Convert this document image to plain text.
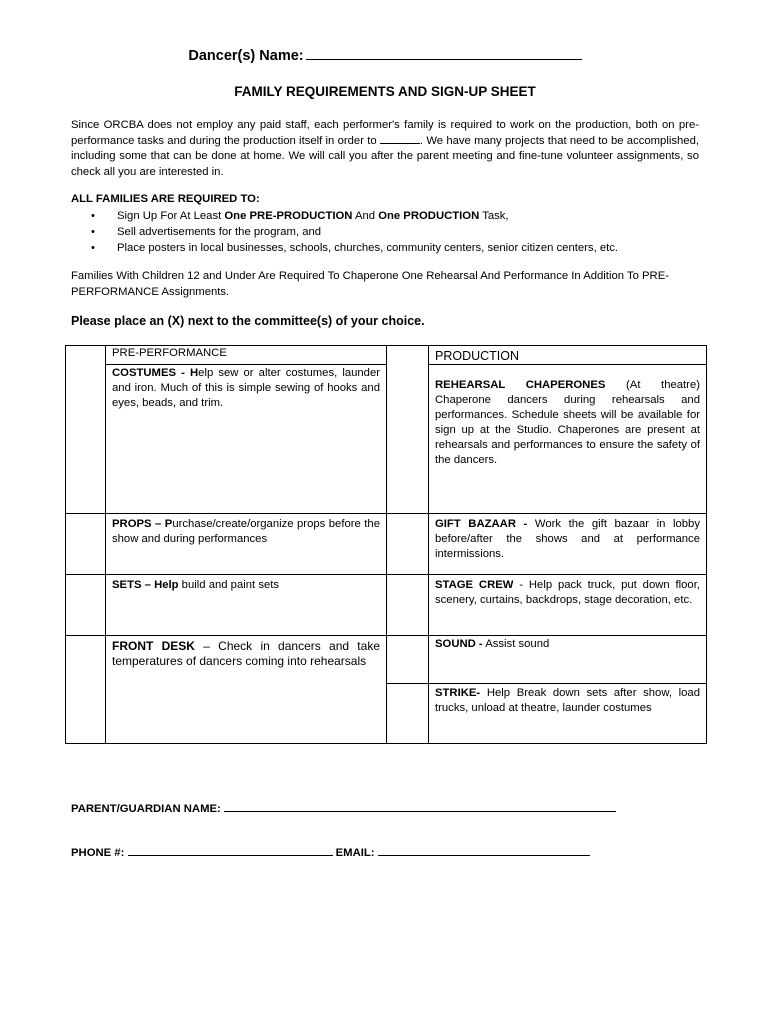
Dancer(s) Name:
FAMILY REQUIREMENTS AND SIGN-UP SHEET
Since ORCBA does not employ any paid staff, each performer's family is required to work on the production, both on pre-performance tasks and during the production itself in order to	. We have many projects that need to be accomplished, including some that can be done at home. We will call you after the parent meeting and fine-tune volunteer assignments, so check all you are interested in.
ALL FAMILIES ARE REQUIRED TO:
• Sign Up For At Least One PRE-PRODUCTION And One PRODUCTION Task,
• Sell advertisements for the program, and
• Place posters in local businesses, schools, churches, community centers, senior citizen centers, etc.
Families With Children 12 and Under Are Required To Chaperone One Rehearsal And Performance In Addition To PRE-PERFORMANCE Assignments.
Please place an (X) next to the committee(s) of your choice.
	PRE-PERFORMANCE		PRODUCTION
	COSTUMES - Help sew or alter costumes, launder and iron. Much of this is simple sewing of hooks and eyes, beads, and trim.		REHEARSAL CHAPERONES (At theatre) Chaperone dancers during rehearsals and performances. Schedule sheets will be available for sign up at the Studio. Chaperones are present at rehearsals and performances to ensure the safety of the dancers.
	PROPS – Purchase/create/organize props before the show and during performances		GIFT BAZAAR - Work the gift bazaar in lobby before/after the shows and at performance intermissions.
	SETS – Help build and paint sets		STAGE CREW - Help pack truck, put down floor, scenery, curtains, backdrops, stage decoration, etc.
	FRONT DESK – Check in dancers and take temperatures of dancers coming into rehearsals		SOUND - Assist sound
			STRIKE- Help Break down sets after show, load trucks, unload at theatre, launder costumes
PARENT/GUARDIAN NAME:
PHONE #:	EMAIL:
